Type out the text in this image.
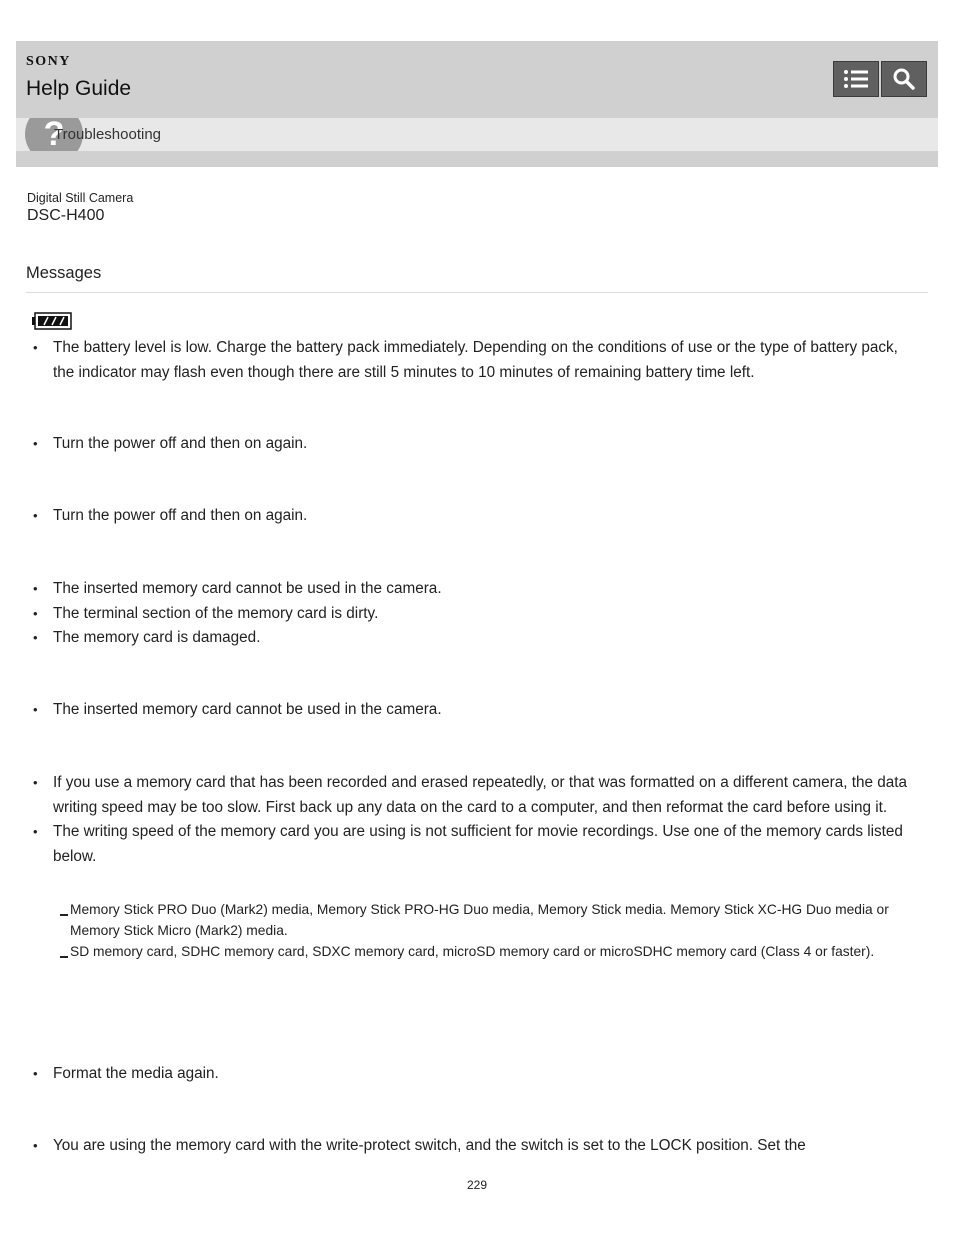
SONY
Help Guide
?
Troubleshooting
Digital Still Camera
DSC-H400
Messages
• The battery level is low. Charge the battery pack immediately. Depending on the conditions of use or the type of battery pack, the indicator may flash even though there are still 5 minutes to 10 minutes of remaining battery time left.
• Turn the power off and then on again.
• Turn the power off and then on again.
• The inserted memory card cannot be used in the camera.
• The terminal section of the memory card is dirty.
• The memory card is damaged.
• The inserted memory card cannot be used in the camera.
• If you use a memory card that has been recorded and erased repeatedly, or that was formatted on a different camera, the data writing speed may be too slow. First back up any data on the card to a computer, and then reformat the card before using it.
• The writing speed of the memory card you are using is not sufficient for movie recordings. Use one of the memory cards listed below.
Memory Stick PRO Duo (Mark2) media, Memory Stick PRO-HG Duo media, Memory Stick media. Memory Stick XC-HG Duo media or Memory Stick Micro (Mark2) media.
SD memory card, SDHC memory card, SDXC memory card, microSD memory card or microSDHC memory card (Class 4 or faster).
• Format the media again.
• You are using the memory card with the write-protect switch, and the switch is set to the LOCK position. Set the
229
